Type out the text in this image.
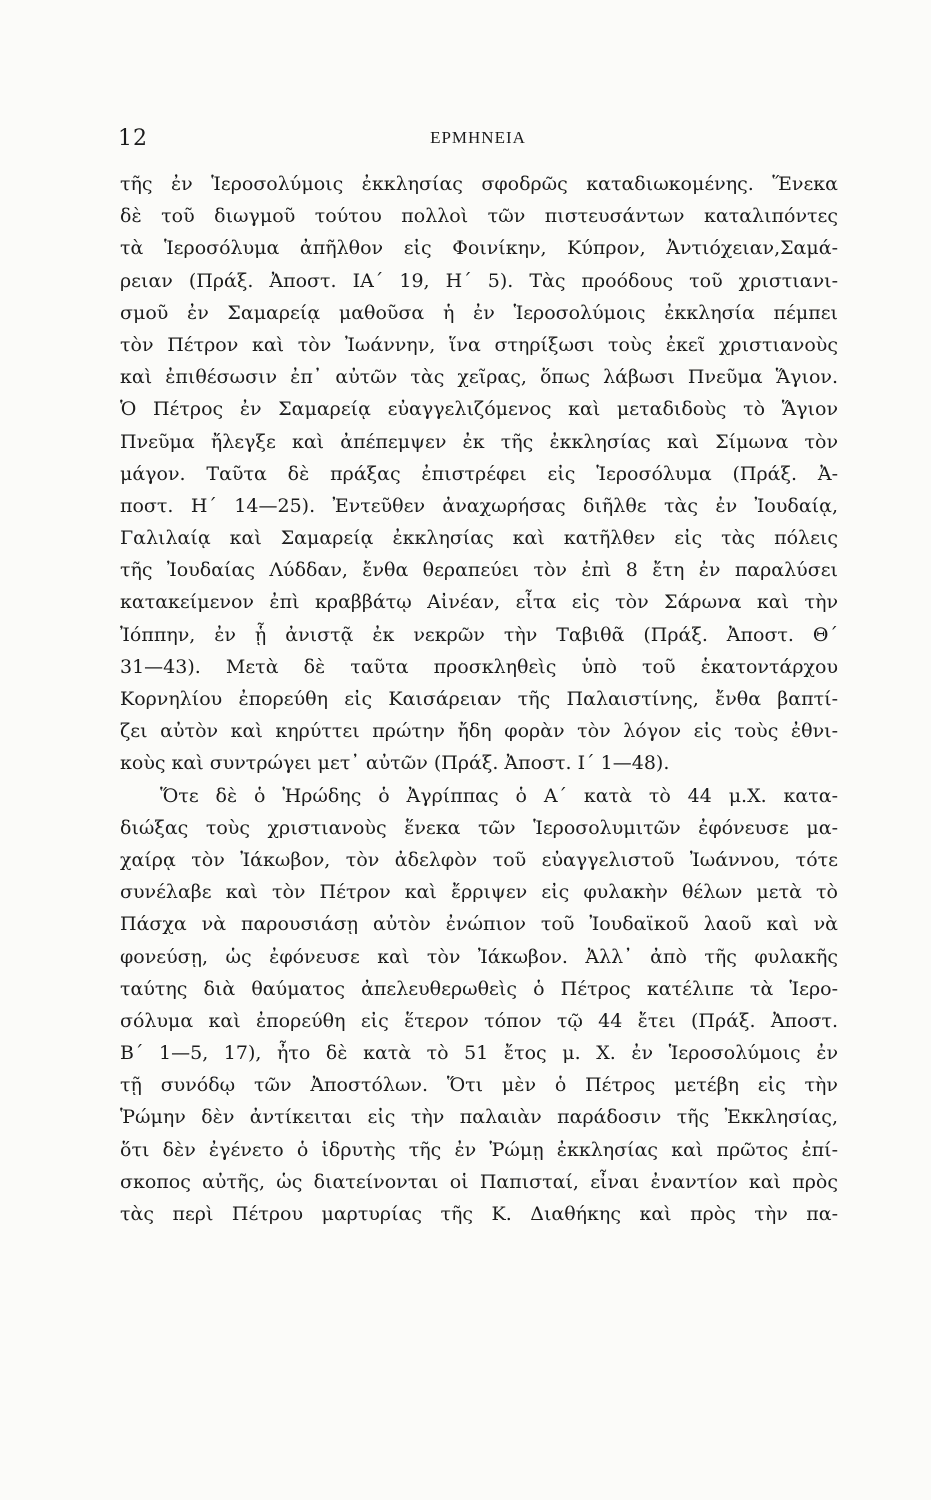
12	ΕΡΜΗΝΕΙΑ
τῆς ἐν Ἱεροσολύμοις ἐκκλησίας σφοδρῶς καταδιωκομένης. Ἕνεκα
δὲ τοῦ διωγμοῦ τούτου πολλοὶ τῶν πιστευσάντων καταλιπόντες
τὰ Ἱεροσόλυμα ἀπῆλθον εἰς Φοινίκην, Κύπρον, Ἀντιόχειαν,Σαμά-
ρειαν (Πράξ. Ἀποστ. ΙΑ΄ 19, Η΄ 5). Τὰς προόδους τοῦ χριστιανι-
σμοῦ ἐν Σαμαρείᾳ μαθοῦσα ἡ ἐν Ἱεροσολύμοις ἐκκλησία πέμπει
τὸν Πέτρον καὶ τὸν Ἰωάννην, ἵνα στηρίξωσι τοὺς ἐκεῖ χριστιανοὺς
καὶ ἐπιθέσωσιν ἐπ᾽ αὐτῶν τὰς χεῖρας, ὅπως λάβωσι Πνεῦμα Ἅγιον.
Ὁ Πέτρος ἐν Σαμαρείᾳ εὐαγγελιζόμενος καὶ μεταδιδοὺς τὸ Ἅγιον
Πνεῦμα ἤλεγξε καὶ ἀπέπεμψεν ἐκ τῆς ἐκκλησίας καὶ Σίμωνα τὸν
μάγον. Ταῦτα δὲ πράξας ἐπιστρέφει εἰς Ἱεροσόλυμα (Πράξ. Ἀ-
ποστ. Η΄ 14—25). Ἐντεῦθεν ἀναχωρήσας διῆλθε τὰς ἐν Ἰουδαίᾳ,
Γαλιλαίᾳ καὶ Σαμαρείᾳ ἐκκλησίας καὶ κατῆλθεν εἰς τὰς πόλεις
τῆς Ἰουδαίας Λύδδαν, ἔνθα θεραπεύει τὸν ἐπὶ 8 ἔτη ἐν παραλύσει
κατακείμενον ἐπὶ κραββάτῳ Αἰνέαν, εἶτα εἰς τὸν Σάρωνα καὶ τὴν
Ἰόππην, ἐν ᾗ ἀνιστᾷ ἐκ νεκρῶν τὴν Ταβιθᾶ (Πράξ. Ἀποστ. Θ΄
31—43). Μετὰ δὲ ταῦτα προσκληθεὶς ὑπὸ τοῦ ἑκατοντάρχου
Κορνηλίου ἐπορεύθη εἰς Καισάρειαν τῆς Παλαιστίνης, ἔνθα βαπτί-
ζει αὐτὸν καὶ κηρύττει πρώτην ἤδη φορὰν τὸν λόγον εἰς τοὺς ἐθνι-
κοὺς καὶ συντρώγει μετ᾽ αὐτῶν (Πράξ. Ἀποστ. Ι΄ 1—48).
Ὅτε δὲ ὁ Ἡρώδης ὁ Ἀγρίππας ὁ Α΄ κατὰ τὸ 44 μ.Χ. κατα-
διώξας τοὺς χριστιανοὺς ἕνεκα τῶν Ἱεροσολυμιτῶν ἐφόνευσε μα-
χαίρᾳ τὸν Ἰάκωβον, τὸν ἀδελφὸν τοῦ εὐαγγελιστοῦ Ἰωάννου, τότε
συνέλαβε καὶ τὸν Πέτρον καὶ ἔρριψεν εἰς φυλακὴν θέλων μετὰ τὸ
Πάσχα νὰ παρουσιάσῃ αὐτὸν ἐνώπιον τοῦ Ἰουδαϊκοῦ λαοῦ καὶ νὰ
φονεύσῃ, ὡς ἐφόνευσε καὶ τὸν Ἰάκωβον. Ἀλλ᾽ ἀπὸ τῆς φυλακῆς
ταύτης διὰ θαύματος ἀπελευθερωθεὶς ὁ Πέτρος κατέλιπε τὰ Ἱερο-
σόλυμα καὶ ἐπορεύθη εἰς ἕτερον τόπον τῷ 44 ἔτει (Πράξ. Ἀποστ.
Β΄ 1—5, 17), ἦτο δὲ κατὰ τὸ 51 ἔτος μ. Χ. ἐν Ἱεροσολύμοις ἐν
τῇ συνόδῳ τῶν Ἀποστόλων. Ὅτι μὲν ὁ Πέτρος μετέβη εἰς τὴν
Ῥώμην δὲν ἀντίκειται εἰς τὴν παλαιὰν παράδοσιν τῆς Ἐκκλησίας,
ὅτι δὲν ἐγένετο ὁ ἱδρυτὴς τῆς ἐν Ῥώμῃ ἐκκλησίας καὶ πρῶτος ἐπί-
σκοπος αὐτῆς, ὡς διατείνονται οἱ Παπισταί, εἶναι ἐναντίον καὶ πρὸς
τὰς περὶ Πέτρου μαρτυρίας τῆς Κ. Διαθήκης καὶ πρὸς τὴν πα-
